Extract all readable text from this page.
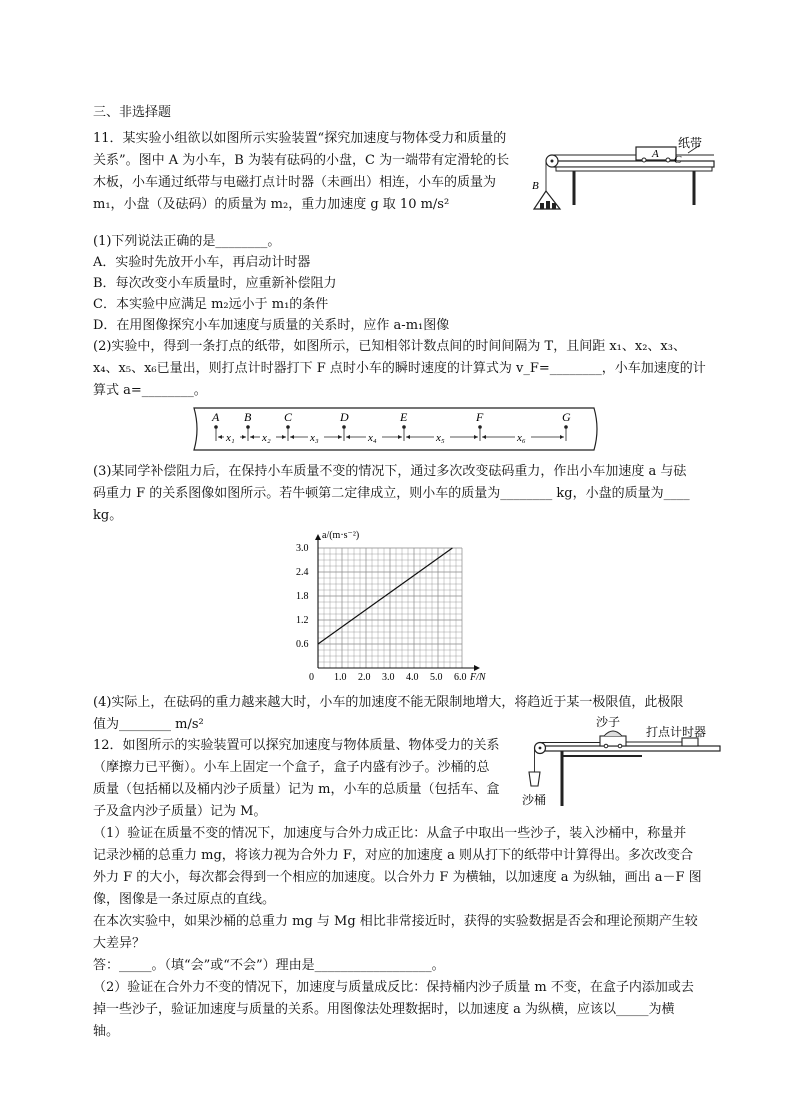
三、非选择题
11．某实验小组欲以如图所示实验装置“探究加速度与物体受力和质量的
关系”。图中 A 为小车，B 为装有砝码的小盘，C 为一端带有定滑轮的长
木板，小车通过纸带与电磁打点计时器（未画出）相连，小车的质量为
m₁，小盘（及砝码）的质量为 m₂，重力加速度 g 取 10 m/s²
纸带
A C
B
(1)下列说法正确的是________。
A．实验时先放开小车，再启动计时器
B．每次改变小车质量时，应重新补偿阻力
C．本实验中应满足 m₂远小于 m₁的条件
D．在用图像探究小车加速度与质量的关系时，应作 a-m₁图像
(2)实验中，得到一条打点的纸带，如图所示，已知相邻计数点间的时间间隔为 T，且间距 x₁、x₂、x₃、
x₄、x₅、x₆已量出，则打点计时器打下 F 点时小车的瞬时速度的计算式为 v_F=________，小车加速度的计
算式 a=________。
A B	C	D	E	F	G
x₁ x₂	x₃	x₄	x₅	x₆
(3)某同学补偿阻力后，在保持小车质量不变的情况下，通过多次改变砝码重力，作出小车加速度 a 与砝
码重力 F 的关系图像如图所示。若牛顿第二定律成立，则小车的质量为________ kg，小盘的质量为____
kg。
1.0 2.0 3.0 4.0 5.0 6.0
0.6
1.2
1.8
2.4
3.0
0	F/N
a/(m·s⁻²)
(4)实际上，在砝码的重力越来越大时，小车的加速度不能无限制地增大，将趋近于某一极限值，此极限
值为________ m/s²
12．如图所示的实验装置可以探究加速度与物体质量、物体受力的关系
（摩擦力已平衡）。小车上固定一个盒子，盒子内盛有沙子。沙桶的总
质量（包括桶以及桶内沙子质量）记为 m，小车的总质量（包括车、盒
子及盒内沙子质量）记为 M。
沙子
打点计时器
沙桶
（1）验证在质量不变的情况下，加速度与合外力成正比：从盒子中取出一些沙子，装入沙桶中，称量并
记录沙桶的总重力 mg，将该力视为合外力 F，对应的加速度 a 则从打下的纸带中计算得出。多次改变合
外力 F 的大小，每次都会得到一个相应的加速度。以合外力 F 为横轴，以加速度 a 为纵轴，画出 a－F 图
像，图像是一条过原点的直线。
在本次实验中，如果沙桶的总重力 mg 与 Mg 相比非常接近时，获得的实验数据是否会和理论预期产生较
大差异？
答：_____。（填“会”或“不会”）理由是__________________。
（2）验证在合外力不变的情况下，加速度与质量成反比：保持桶内沙子质量 m 不变，在盒子内添加或去
掉一些沙子，验证加速度与质量的关系。用图像法处理数据时，以加速度 a 为纵横，应该以_____为横
轴。
